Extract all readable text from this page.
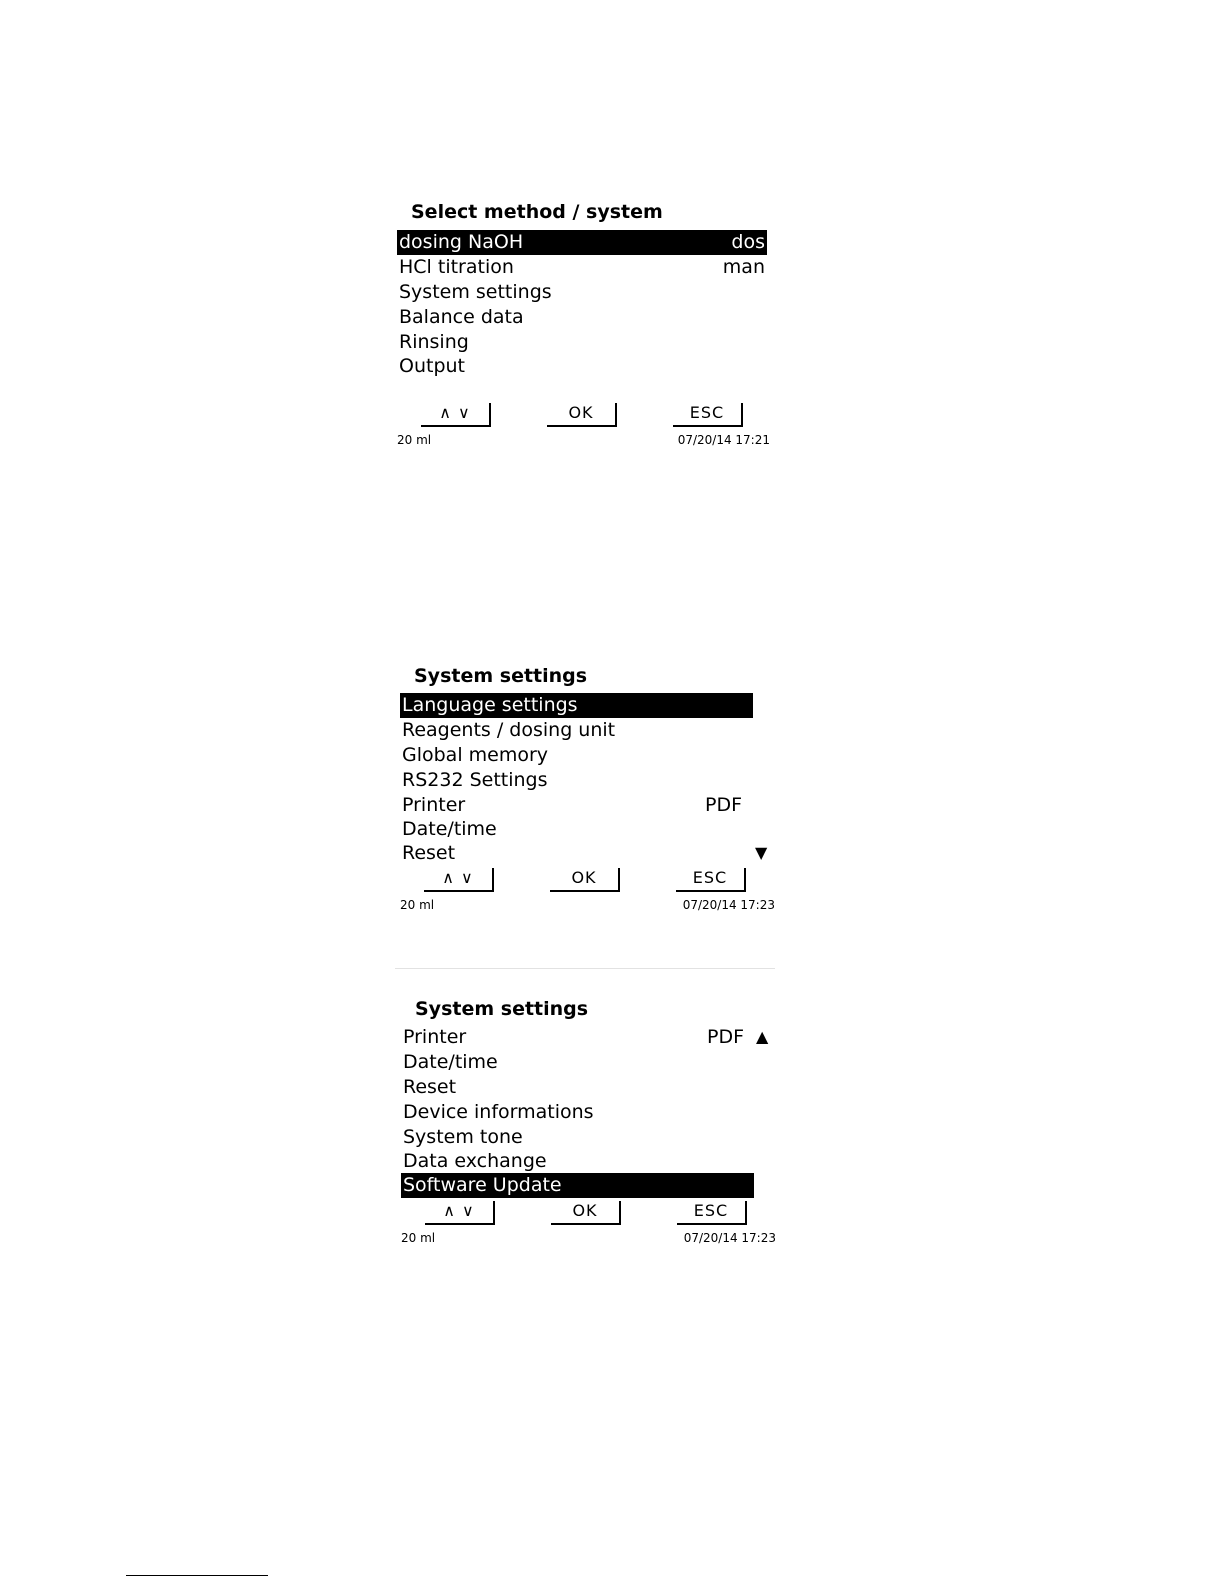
Select method / system
dosing NaOH	dos
HCl titration	man
System settings
Balance data
Rinsing
Output
∧ ∨	OK	ESC
20 ml	07/20/14 17:21
System settings
Language settings
Reagents / dosing unit
Global memory
RS232 Settings
Printer	PDF
Date/time
Reset	▼
∧ ∨	OK	ESC
20 ml	07/20/14 17:23
System settings
Printer	PDF ▲
Date/time
Reset
Device informations
System tone
Data exchange
Software Update
∧ ∨	OK	ESC
20 ml	07/20/14 17:23
